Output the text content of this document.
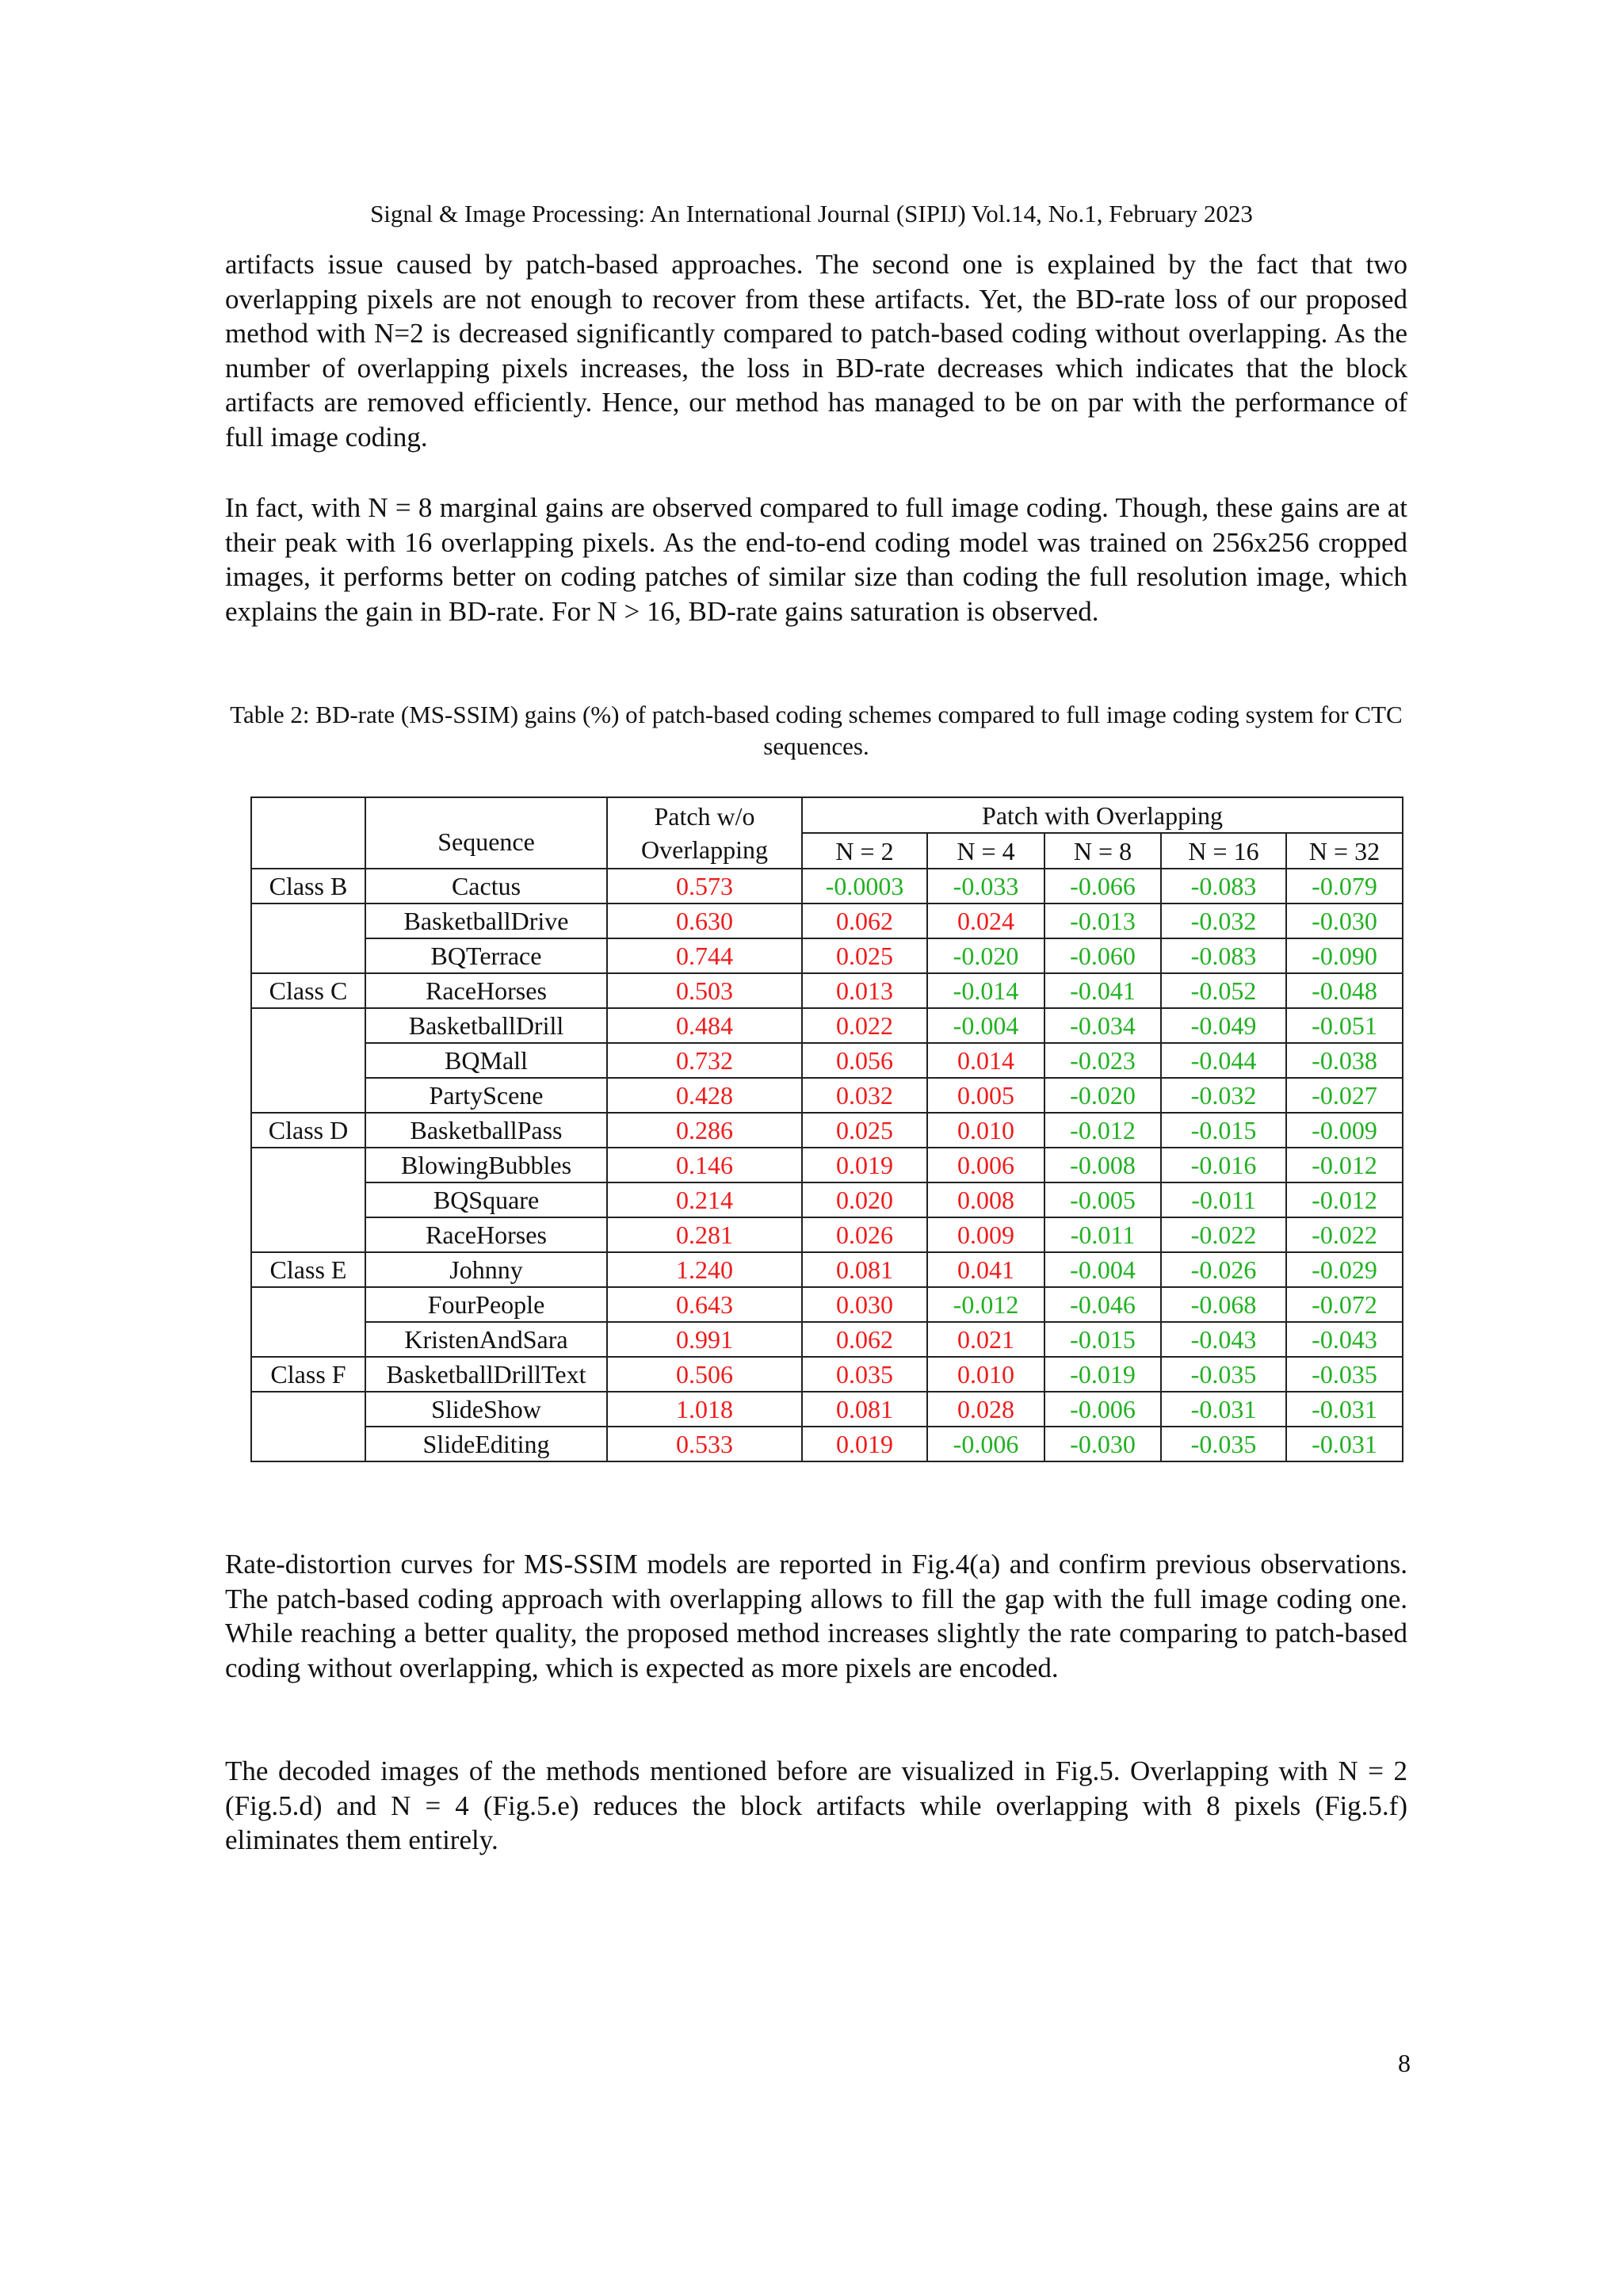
Signal & Image Processing: An International Journal (SIPIJ) Vol.14, No.1, February 2023
artifacts issue caused by patch-based approaches. The second one is explained by the fact that two overlapping pixels are not enough to recover from these artifacts. Yet, the BD-rate loss of our proposed method with N=2 is decreased significantly compared to patch-based coding without overlapping. As the number of overlapping pixels increases, the loss in BD-rate decreases which indicates that the block artifacts are removed efficiently. Hence, our method has managed to be on par with the performance of full image coding.
In fact, with N = 8 marginal gains are observed compared to full image coding. Though, these gains are at their peak with 16 overlapping pixels. As the end-to-end coding model was trained on 256x256 cropped images, it performs better on coding patches of similar size than coding the full resolution image, which explains the gain in BD-rate. For N > 16, BD-rate gains saturation is observed.
Table 2: BD-rate (MS-SSIM) gains (%) of patch-based coding schemes compared to full image coding system for CTC sequences.
	Sequence	Patch w/o Overlapping	Patch with Overlapping				
			N = 2	N = 4	N = 8	N = 16	N = 32
Class B	Cactus	0.573	-0.0003	-0.033	-0.066	-0.083	-0.079
	BasketballDrive	0.630	0.062	0.024	-0.013	-0.032	-0.030
	BQTerrace	0.744	0.025	-0.020	-0.060	-0.083	-0.090
Class C	RaceHorses	0.503	0.013	-0.014	-0.041	-0.052	-0.048
	BasketballDrill	0.484	0.022	-0.004	-0.034	-0.049	-0.051
	BQMall	0.732	0.056	0.014	-0.023	-0.044	-0.038
	PartyScene	0.428	0.032	0.005	-0.020	-0.032	-0.027
Class D	BasketballPass	0.286	0.025	0.010	-0.012	-0.015	-0.009
	BlowingBubbles	0.146	0.019	0.006	-0.008	-0.016	-0.012
	BQSquare	0.214	0.020	0.008	-0.005	-0.011	-0.012
	RaceHorses	0.281	0.026	0.009	-0.011	-0.022	-0.022
Class E	Johnny	1.240	0.081	0.041	-0.004	-0.026	-0.029
	FourPeople	0.643	0.030	-0.012	-0.046	-0.068	-0.072
	KristenAndSara	0.991	0.062	0.021	-0.015	-0.043	-0.043
Class F	BasketballDrillText	0.506	0.035	0.010	-0.019	-0.035	-0.035
	SlideShow	1.018	0.081	0.028	-0.006	-0.031	-0.031
	SlideEditing	0.533	0.019	-0.006	-0.030	-0.035	-0.031
Rate-distortion curves for MS-SSIM models are reported in Fig.4(a) and confirm previous observations. The patch-based coding approach with overlapping allows to fill the gap with the full image coding one. While reaching a better quality, the proposed method increases slightly the rate comparing to patch-based coding without overlapping, which is expected as more pixels are encoded.
The decoded images of the methods mentioned before are visualized in Fig.5. Overlapping with N = 2 (Fig.5.d) and N = 4 (Fig.5.e) reduces the block artifacts while overlapping with 8 pixels (Fig.5.f) eliminates them entirely.
8
